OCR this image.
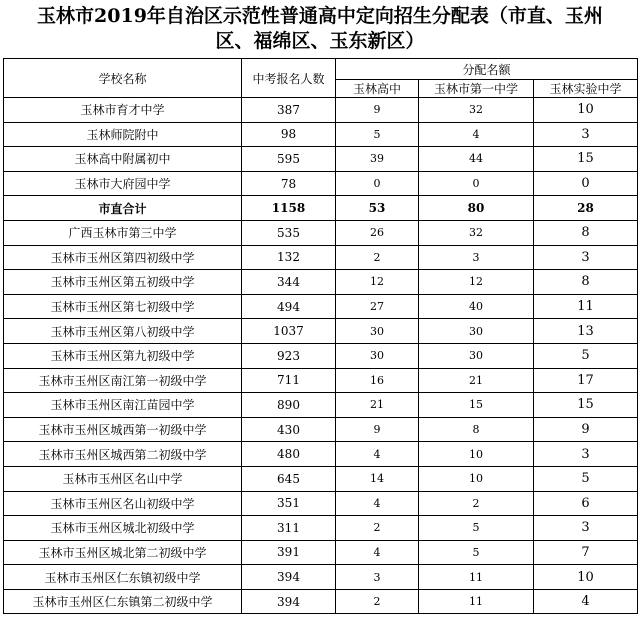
玉林市2019年自治区示范性普通高中定向招生分配表（市直、玉州
区、福绵区、玉东新区）
学校名称	中考报名人数	分配名额		
		玉林高中	玉林市第一中学	玉林实验中学
玉林市育才中学	387	9	32	10
玉林师院附中	98	5	4	3
玉林高中附属初中	595	39	44	15
玉林市大府园中学	78	0	0	0
市直合计	1158	53	80	28
广西玉林市第三中学	535	26	32	8
玉林市玉州区第四初级中学	132	2	3	3
玉林市玉州区第五初级中学	344	12	12	8
玉林市玉州区第七初级中学	494	27	40	11
玉林市玉州区第八初级中学	1037	30	30	13
玉林市玉州区第九初级中学	923	30	30	5
玉林市玉州区南江第一初级中学	711	16	21	17
玉林市玉州区南江苗园中学	890	21	15	15
玉林市玉州区城西第一初级中学	430	9	8	9
玉林市玉州区城西第二初级中学	480	4	10	3
玉林市玉州区名山中学	645	14	10	5
玉林市玉州区名山初级中学	351	4	2	6
玉林市玉州区城北初级中学	311	2	5	3
玉林市玉州区城北第二初级中学	391	4	5	7
玉林市玉州区仁东镇初级中学	394	3	11	10
玉林市玉州区仁东镇第二初级中学	394	2	11	4
